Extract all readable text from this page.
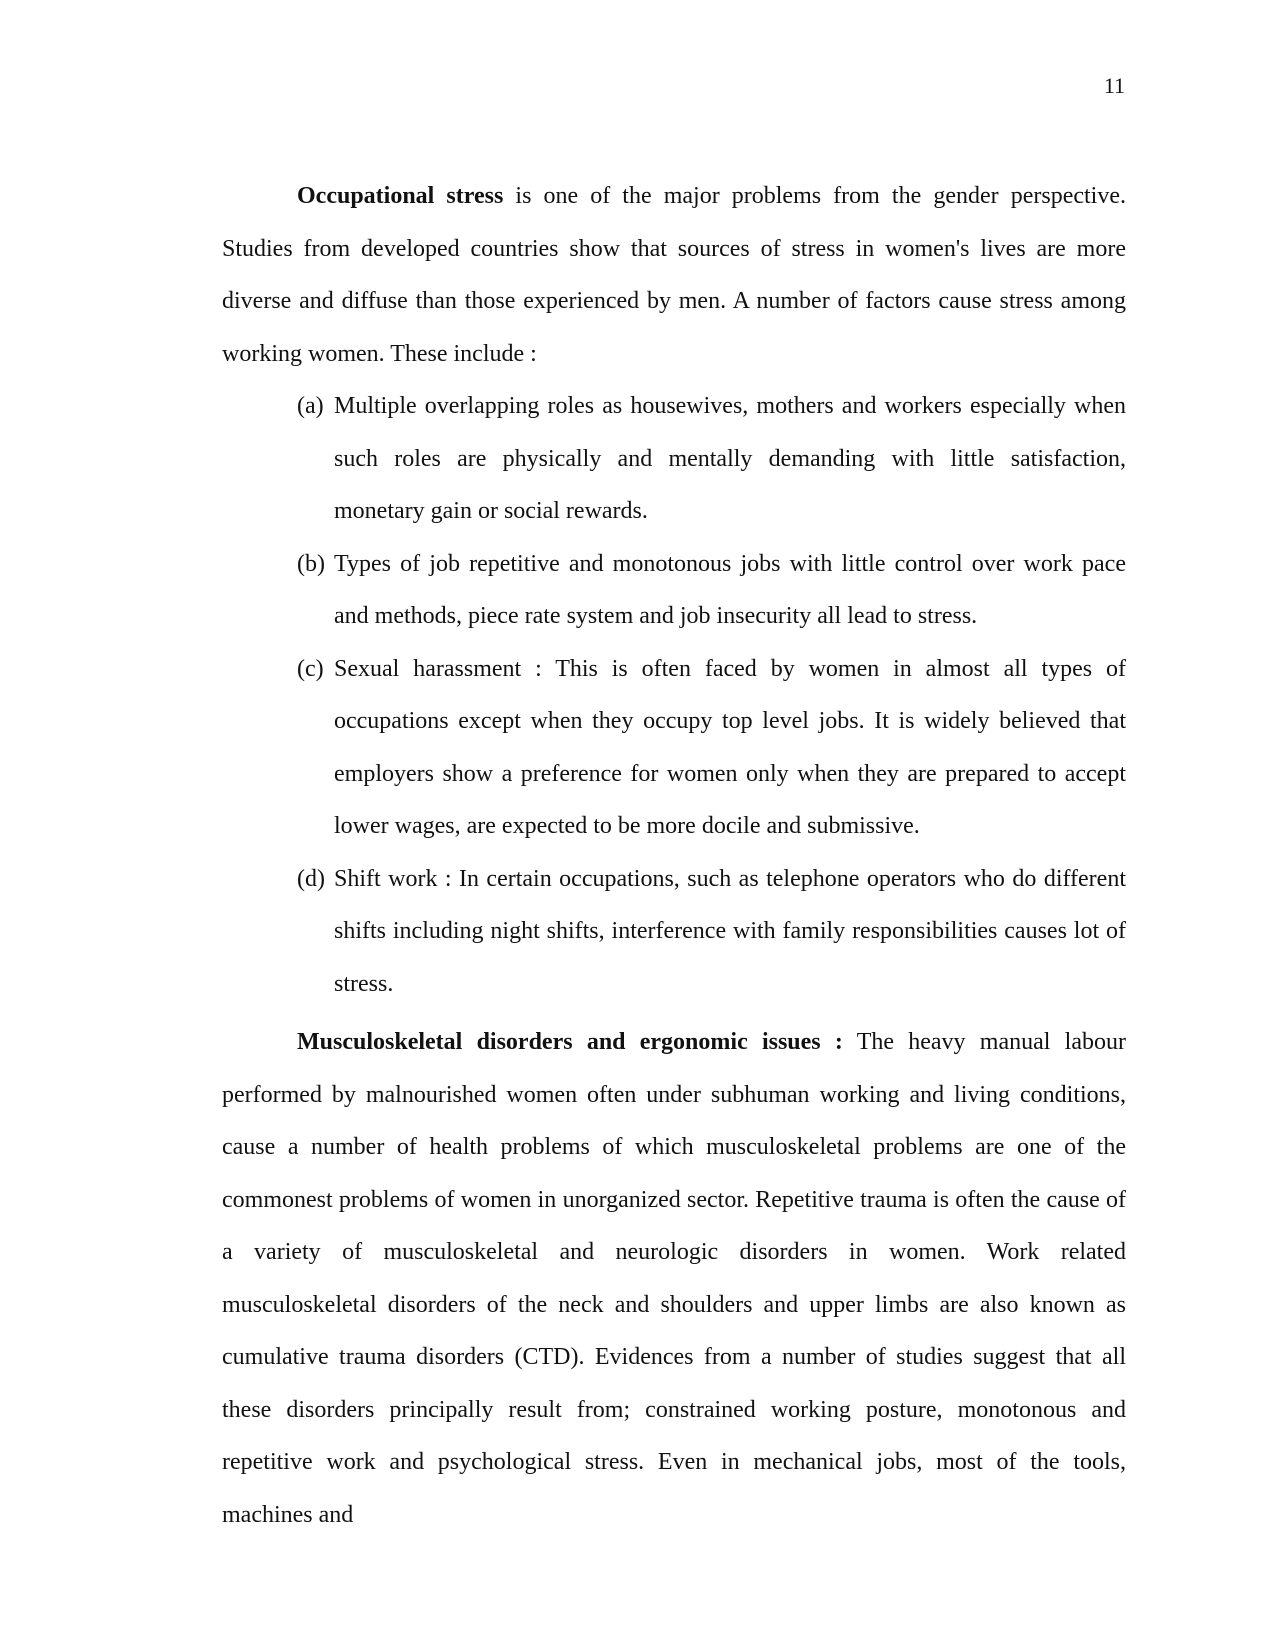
11

Occupational stress is one of the major problems from the gender perspective. Studies from developed countries show that sources of stress in women's lives are more diverse and diffuse than those experienced by men. A number of factors cause stress among working women. These include :

(a) Multiple overlapping roles as housewives, mothers and workers especially when such roles are physically and mentally demanding with little satisfaction, monetary gain or social rewards.
(b) Types of job repetitive and monotonous jobs with little control over work pace and methods, piece rate system and job insecurity all lead to stress.
(c) Sexual harassment : This is often faced by women in almost all types of occupations except when they occupy top level jobs. It is widely believed that employers show a preference for women only when they are prepared to accept lower wages, are expected to be more docile and submissive.
(d) Shift work : In certain occupations, such as telephone operators who do different shifts including night shifts, interference with family responsibilities causes lot of stress.

Musculoskeletal disorders and ergonomic issues : The heavy manual labour performed by malnourished women often under subhuman working and living conditions, cause a number of health problems of which musculoskeletal problems are one of the commonest problems of women in unorganized sector. Repetitive trauma is often the cause of a variety of musculoskeletal and neurologic disorders in women. Work related musculoskeletal disorders of the neck and shoulders and upper limbs are also known as cumulative trauma disorders (CTD). Evidences from a number of studies suggest that all these disorders principally result from; constrained working posture, monotonous and repetitive work and psychological stress. Even in mechanical jobs, most of the tools, machines and
